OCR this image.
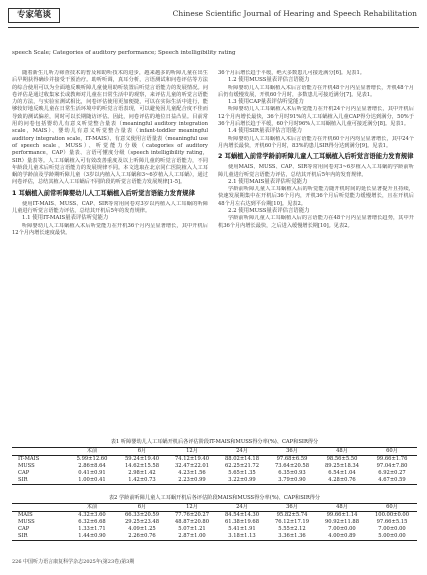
专家笔谈	Chinese Scientific Journal of Hearing and Speech Rehabilitation
speech Scale; Categories of auditory performance; Speech intelligibility rating

随着新生儿听力筛查技术的普及和助听技术的进步，越来越多的听障儿童在出生后早期获得确诊并接受干预治疗。助听听调，真耳分析，言语测试和问卷评估等方法的综合使用可以为全面地反映听障儿童使用助听装置后听觉言语能力的发展情况。问卷评估是通过收集家长或教师对儿童在日常生活中的观察，来评估儿童的听觉言语能力的方法，与实验室测试相比，问卷评估使用更加便捷，可以在实际生活中进行，能够较好地反映儿童在日常生活环境中的听觉言语表现，可以避免因儿童配合度不佳而导致的测试偏差，同时可以长期随访评估。因此，问卷评估的地位日益凸显。目前常用的问卷包括婴幼儿有意义听觉整合量表（meaningful auditory integration scale，MAIS）、婴幼儿有意义听觉整合量表（infant-toddler meaningful auditory integration scale，IT-MAIS）、有意义使用言语量表（meaningful use of speech scale，MUSS）、听觉能力分级（categories of auditory performance，CAP）量表、言语可懂度分级（speech intelligibility rating，SIR）量表等。人工耳蜗植入可有效改善重度及以上听障儿童的听觉言语能力，不同年龄段儿童术后听觉言语能力的发展规律不同。本文选取在北京同仁医院植入人工耳蜗的学龄前及学龄期听障儿童（3岁以内植入人工耳蜗和3~6岁植入人工耳蜗），通过问卷评估，总结其植入人工耳蜗后不同阶段的听觉言语能力发展规律[1-5]。

1 耳蜗植入前常听障婴幼儿人工耳蜗植入后听觉言语能力发育规律

使用IT-MAIS、MUSS、CAP、SIR等常用问卷对3岁以内植入人工耳蜗的听障儿童进行听觉言语能力评估，总结其开机后5年的发育规律。

1.1 使用IT-MAIS量表评估听觉能力

听障婴幼儿人工耳蜗植入术后听觉能力在开机36个月内呈显著增长，其中开机后12个月内增长速度最快。

36个月后增长趋于平缓，绝大多数患儿可接近满分[6]。见表1。

1.2 使用MUSS量表评估言语能力

听障婴幼儿人工耳蜗植入术后言语能力在开机48个月内呈显著增长，开机48个月后仍有缓慢发展，开机60个月时，多数患儿可接近满分[7]。见表1。

1.3 使用CAP量表评估听觉能力

听障婴幼儿人工耳蜗植入术后听觉能力在开机24个月内呈显著增长，其中开机后12个月内增长最快，36个月时91%的人工耳蜗植入儿童CAP得分达到满分，50%于36个月后增长趋于平缓，60个月时96%人工耳蜗植入儿童可接近满分[8]。见表1。

1.4 使用SIR量表评估言语能力

听障婴幼儿人工耳蜗植入术后言语能力在开机60个月内均呈显著增长，其中24个月内增长最快，开机60个月时，83%的患儿SIR得分达到满分[9]。见表1。

2 耳蜗植入前常学龄前听障儿童人工耳蜗植入后听觉言语能力发育规律

使用MAIS、MUSS、CAP、SIR等常用问卷对3~6岁植入人工耳蜗的学龄前听障儿童进行听觉言语能力评估，总结其开机后5年内的发育规律。

2.1 使用MAIS量表评估听觉能力

学龄前听障儿童人工耳蜗植入后的听觉能力随开机时间的延长显著提升且持续，快速发展期集中在开机后36个月内，开机36个月后听觉能力缓慢增长，且在开机后48个月左右达到平台期[10]。见表2。

2.2 使用MUSS量表评估言语能力

学龄前听障儿童人工耳蜗植入后的言语能力在48个月内呈显著增长趋势，其中开机36个月内增长最快，之后进入缓慢增长期[10]。见表2。

表1 听障婴幼儿人工耳蜗开机后各评估阶段IT-MAIS和MUSS得分率(%)、CAP和SIR得分
	术前	6月	12月	24月	36月	48月	60月
IT-MAIS	5.99±12.60	59.24±19.40	74.12±19.40	88.02±14.18	97.68±6.59	98.56±5.50	99.66±1.76
MUSS	2.86±8.64	14.62±15.58	32.47±22.01	62.25±21.72	73.64±20.58	89.25±18.34	97.04±7.80
CAP	0.41±0.91	2.98±1.42	4.23±1.56	5.65±1.35	6.35±0.93	6.54±1.04	6.92±0.27
SIR	1.00±0.41	1.42±0.73	2.23±0.99	3.22±0.99	3.79±0.90	4.28±0.76	4.67±0.59
表2 学龄前听障儿童人工耳蜗开机后各评估阶段MAIS和MUSS得分率(%)、CAP和SIR得分
	术前	6月	12月	24月	36月	48月	60月
MAIS	4.32±3.60	66.33±20.59	77.76±20.27	84.54±14.30	95.82±5.74	99.66±1.14	100.00±0.00
MUSS	6.32±6.68	29.25±23.48	48.87±20.80	61.38±19.68	76.12±17.19	90.92±11.88	97.66±5.15
CAP	1.33±1.71	4.09±1.25	5.07±1.21	5.41±1.91	5.55±2.12	7.00±0.00	7.00±0.00
SIR	1.44±0.90	2.26±0.76	2.87±1.00	3.18±1.13	3.36±1.36	4.00±0.89	5.00±0.00
226 中国听力语言康复科学杂志2025年(第23卷)第3期
